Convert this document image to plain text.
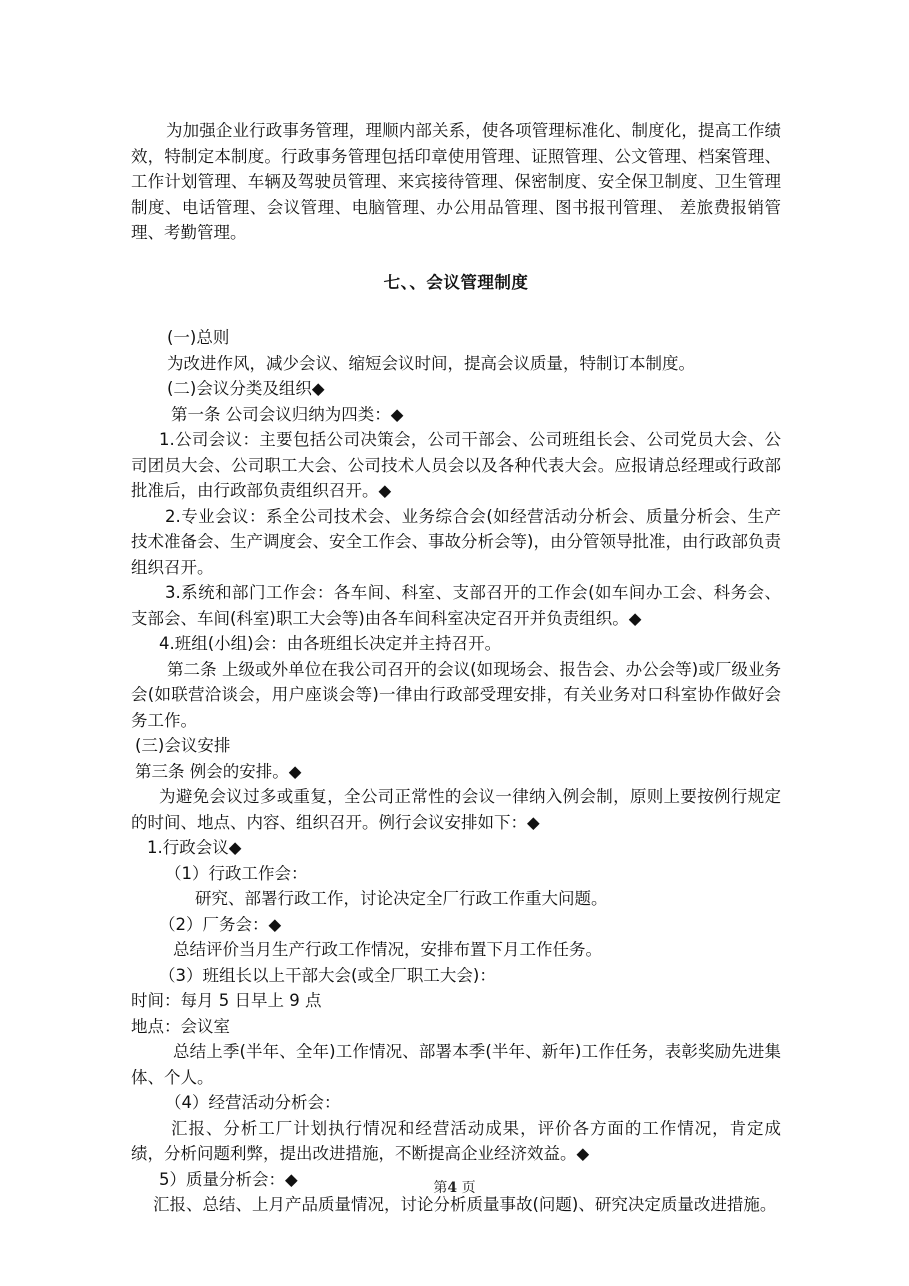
为加强企业行政事务管理，理顺内部关系，使各项管理标准化、制度化，提高工作绩效，特制定本制度。行政事务管理包括印章使用管理、证照管理、公文管理、档案管理、工作计划管理、车辆及驾驶员管理、来宾接待管理、保密制度、安全保卫制度、卫生管理制度、电话管理、会议管理、电脑管理、办公用品管理、图书报刊管理、 差旅费报销管理、考勤管理。

七、、会议管理制度

(一)总则

为改进作风，减少会议、缩短会议时间，提高会议质量，特制订本制度。

(二)会议分类及组织◆

第一条 公司会议归纳为四类：◆

1.公司会议：主要包括公司决策会，公司干部会、公司班组长会、公司党员大会、公司团员大会、公司职工大会、公司技术人员会以及各种代表大会。应报请总经理或行政部批准后，由行政部负责组织召开。◆

2.专业会议：系全公司技术会、业务综合会(如经营活动分析会、质量分析会、生产技术准备会、生产调度会、安全工作会、事故分析会等)，由分管领导批准，由行政部负责组织召开。

3.系统和部门工作会：各车间、科室、支部召开的工作会(如车间办工会、科务会、支部会、车间(科室)职工大会等)由各车间科室决定召开并负责组织。◆

4.班组(小组)会：由各班组长决定并主持召开。

第二条 上级或外单位在我公司召开的会议(如现场会、报告会、办公会等)或厂级业务会(如联营洽谈会，用户座谈会等)一律由行政部受理安排，有关业务对口科室协作做好会务工作。

(三)会议安排

第三条 例会的安排。◆

为避免会议过多或重复，全公司正常性的会议一律纳入例会制，原则上要按例行规定的时间、地点、内容、组织召开。例行会议安排如下：◆

1.行政会议◆

（1）行政工作会：

研究、部署行政工作，讨论决定全厂行政工作重大问题。

（2）厂务会：◆

总结评价当月生产行政工作情况，安排布置下月工作任务。

（3）班组长以上干部大会(或全厂职工大会)：

时间：每月 5 日早上 9 点

地点：会议室

总结上季(半年、全年)工作情况、部署本季(半年、新年)工作任务，表彰奖励先进集体、个人。

（4）经营活动分析会：

汇报、分析工厂计划执行情况和经营活动成果，评价各方面的工作情况，肯定成绩，分析问题利弊，提出改进措施，不断提高企业经济效益。◆

5）质量分析会：◆

汇报、总结、上月产品质量情况，讨论分析质量事故(问题)、研究决定质量改进措施。

第4 页
